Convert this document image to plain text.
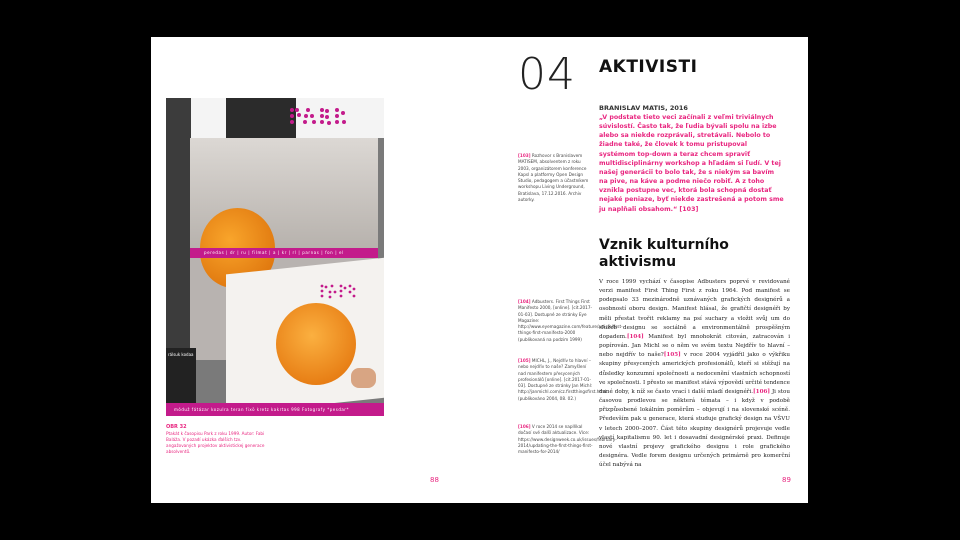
peredas | dr | ru | filmat | a | kr | rl | parnas | fon | el
rálsuk kodaa
móduž fátázar kozulra teran fixö kretz kakrtas 998 Fotografy *pesdar*
OBR 32
Ptakát k časopisu Park z roku 1999. Autor: Fabi Baláža. V pozadí ukázka ďalších tzv. angažovaných projektov aktivistickej generace absolventů.
88
04 AKTIVISTI
BRANISLAV MATIS, 2016
„V podstate tieto veci začínali z veľmi triviálnych súvislostí. Často tak, že ľudia bývali spolu na izbe alebo sa niekde rozprávali, stretávali. Nebolo to žiadne také, že človek k tomu pristupoval systémom top-down a teraz chcem spraviť multidisciplinárny workshop a hľadám si ľudí. V tej našej generácii to bolo tak, že s niekým sa bavím na pive, na káve a podme niečo robiť. A z toho vznikla postupne vec, ktorá bola schopná dostať nejaké peniaze, byť niekde zastrešená a potom sme ju naplňali obsahom.“ [103]
[103] Rozhovor s Branislavem MATISEM, absolventem z roku 2003, organizátorem konference Kapsl a platformy Open Design Studio, pedagogem a účastníkem workshopu Living Underground, Bratislava, 17.12.2016. Archiv autorky.
Vznik kulturního aktivismu
[104] Adbusters. First Things First Manifesto 2000, [online]. [cit.2017-01-03]. Dostupné ze stránky Eye Magazine: http://www.eyemagazine.com/feature/article/first-things-first-manifesto-2000 (publikovaná na podzim 1999)
[105] MICHL, J., Nejdřív to hlavní – nebo nejdřív to naše? Zamyšlení nad manifestem přesycených profesionálů [online]. [cit.2017-01-03]. Dostupné ze stránky Jan Michl: http://janmichl.com/cz.firstthingsfirst.html (publikováno 2004, 08. 02.)
[106] V roce 2014 se naplňkal dočasí své další aktualizace. Více: https://www.designweek.co.uk/issues/february-2014/updating-the-first-things-first-manifesto-for-2014/
V roce 1999 vychází v časopise Adbusters poprvé v revidované verzi manifest First Thing First z roku 1964. Pod manifest se podepsalo 33 mezinárodně uznávaných grafických designérů a osobností oboru design. Manifest hlásal, že grafičtí designéři by měli přestat tvořit reklamy na psí suchary a vložit svůj um do služeb designu se sociálně a environmentálně prospěšným dopadem.[104] Manifest byl mnohokrát citován, zatracován i popírován. Jan Michl se o něm ve svém textu Nejdřív to hlavní – nebo nejdřív to naše?[105] v roce 2004 vyjádřil jako o výkřiku skupiny přesycených amerických profesionálů, kteří si stěžují na důsledky konzumní společnosti a nedocenění vlastních schopností ve společnosti. I přesto se manifest stává výpovědí určité tendence dané doby, k níž se často vrací i další mladí designéři.[106] Ji stou časovou prodlevou se některá témata – i když v podobě přizpůsobené lokálním poměrům – objevují i na slovenské scéně. Především pak u generace, která studuje grafický design na VŠVU v letech 2000–2007. Část této skupiny designérů projevuje vedle vlastí kapitalismu 90. let i dosavadní designérské praxi. Definuje nové vlastní projevy grafického designu i role grafického designéra. Vedle forem designu určených primárně pro komerční účel nabývá na
89
